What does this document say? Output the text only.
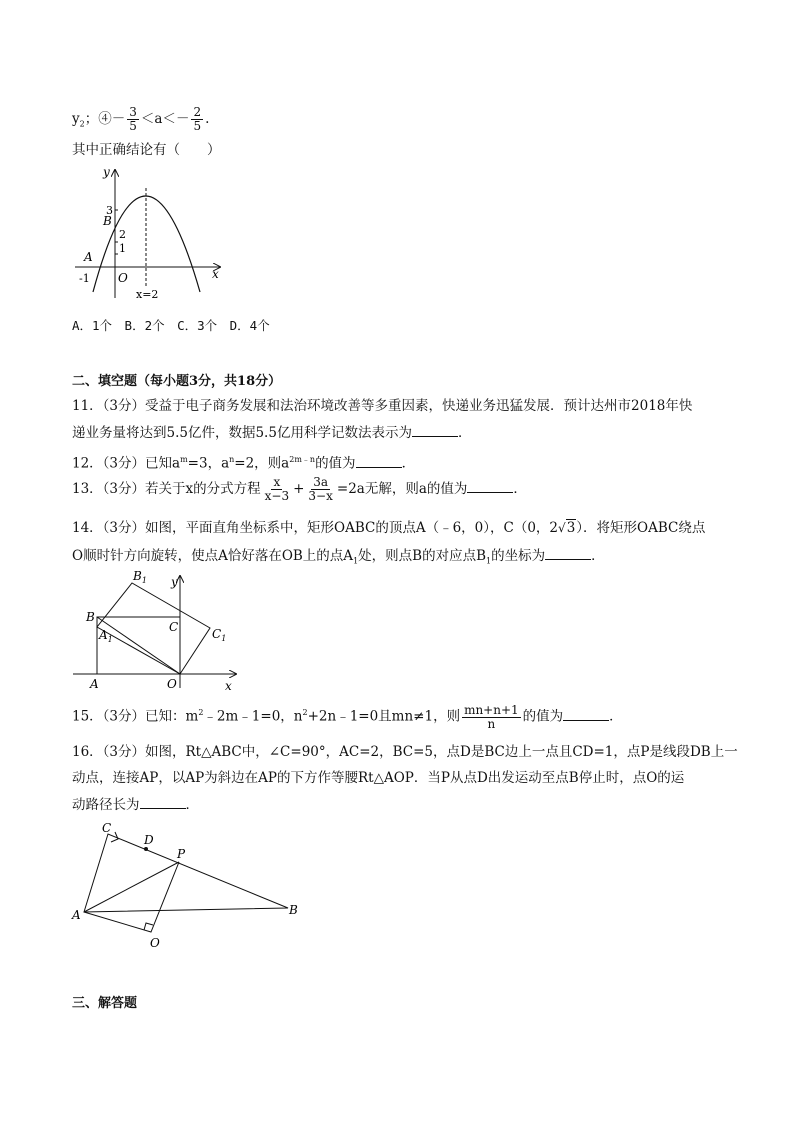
$y_2$；④－ $\frac{3}{5} <a<- \frac{2}{5}$ .
其中正确结论有（　　）
y
x
O
3
B
2
1
A
-1
x=2
A．1个　B．2个　C．3个　D．4个
二、填空题（每小题3分，共18分）
11．（3分）受益于电子商务发展和法治环境改善等多重因素，快递业务迅猛发展．预计达州市2018年快
递业务量将达到5.5亿件，数据5.5亿用科学记数法表示为	．
12．（3分）已知$a^m=3$，$a^n=2$，则$a^{2m﹣n}$的值为	．
13．（3分）若关于x的分式方程 $\frac{x}{x-3} + \frac{3a}{3-x} =2a$无解，则a的值为	．
14．（3分）如图，平面直角坐标系中，矩形OABC的顶点A（﹣6，0），C（0，2√3）．将矩形OABC绕点
O顺时针方向旋转，使点A恰好落在OB上的点$A_1$处，则点B的对应点$B_1$的坐标为	．
$B_1$ y
B
C
$A_1$	$C_1$
A	O	x
15．（3分）已知：$m^2﹣2m﹣1=0$，$n^2+2n﹣1=0$且mn≠1，则 $\frac{mn+n+1}{n}$ 的值为	．
16．（3分）如图，Rt△ABC中，∠C=90°，AC=2，BC=5，点D是BC边上一点且CD=1，点P是线段DB上一
动点，连接AP，以AP为斜边在AP的下方作等腰Rt△AOP．当P从点D出发运动至点B停止时，点O的运
动路径长为	．
C
D
P
A	B
O
三、解答题
